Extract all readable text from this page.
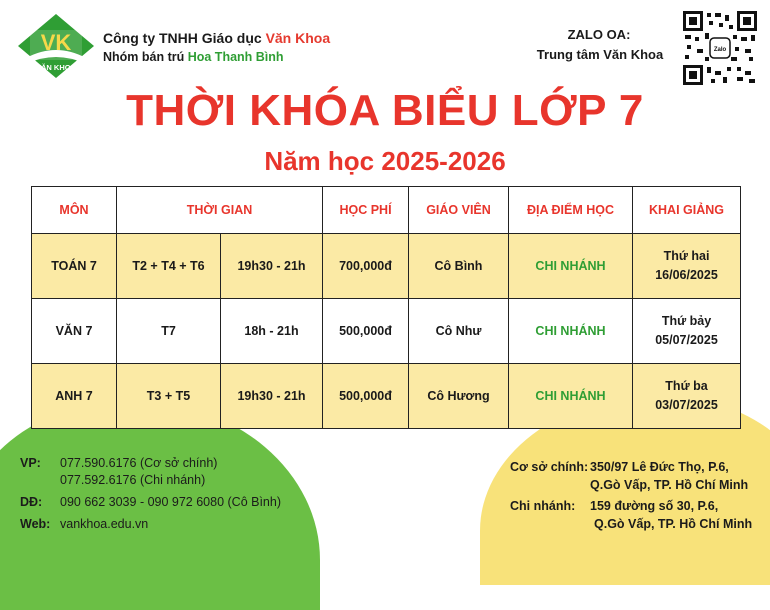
VK
VĂN KHOA
Công ty TNHH Giáo dục Văn Khoa
Nhóm bán trú Hoa Thanh Bình
ZALO OA:
Trung tâm Văn Khoa	Zalo
THỜI KHÓA BIỂU LỚP 7
Năm học 2025-2026
MÔN	THỜI GIAN		HỌC PHÍ	GIÁO VIÊN	ĐỊA ĐIỂM HỌC	KHAI GIẢNG
TOÁN 7	T2 + T4 + T6	19h30 - 21h	700,000đ	Cô Bình	CHI NHÁNH	Thứ hai
16/06/2025

VĂN 7	T7	18h - 21h	500,000đ	Cô Như	CHI NHÁNH	Thứ bảy
05/07/2025

ANH 7	T3 + T5	19h30 - 21h	500,000đ	Cô Hương	CHI NHÁNH	Thứ ba
03/07/2025
VP: 077.590.6176 (Cơ sở chính)
077.592.6176 (Chi nhánh)
DĐ: 090 662 3039 - 090 972 6080 (Cô Bình)
Web: vankhoa.edu.vn
Cơ sở chính: 350/97 Lê Đức Thọ, P.6,
Q.Gò Vấp, TP. Hồ Chí Minh
Chi nhánh: 159 đường số 30, P.6,
Q.Gò Vấp, TP. Hồ Chí Minh
